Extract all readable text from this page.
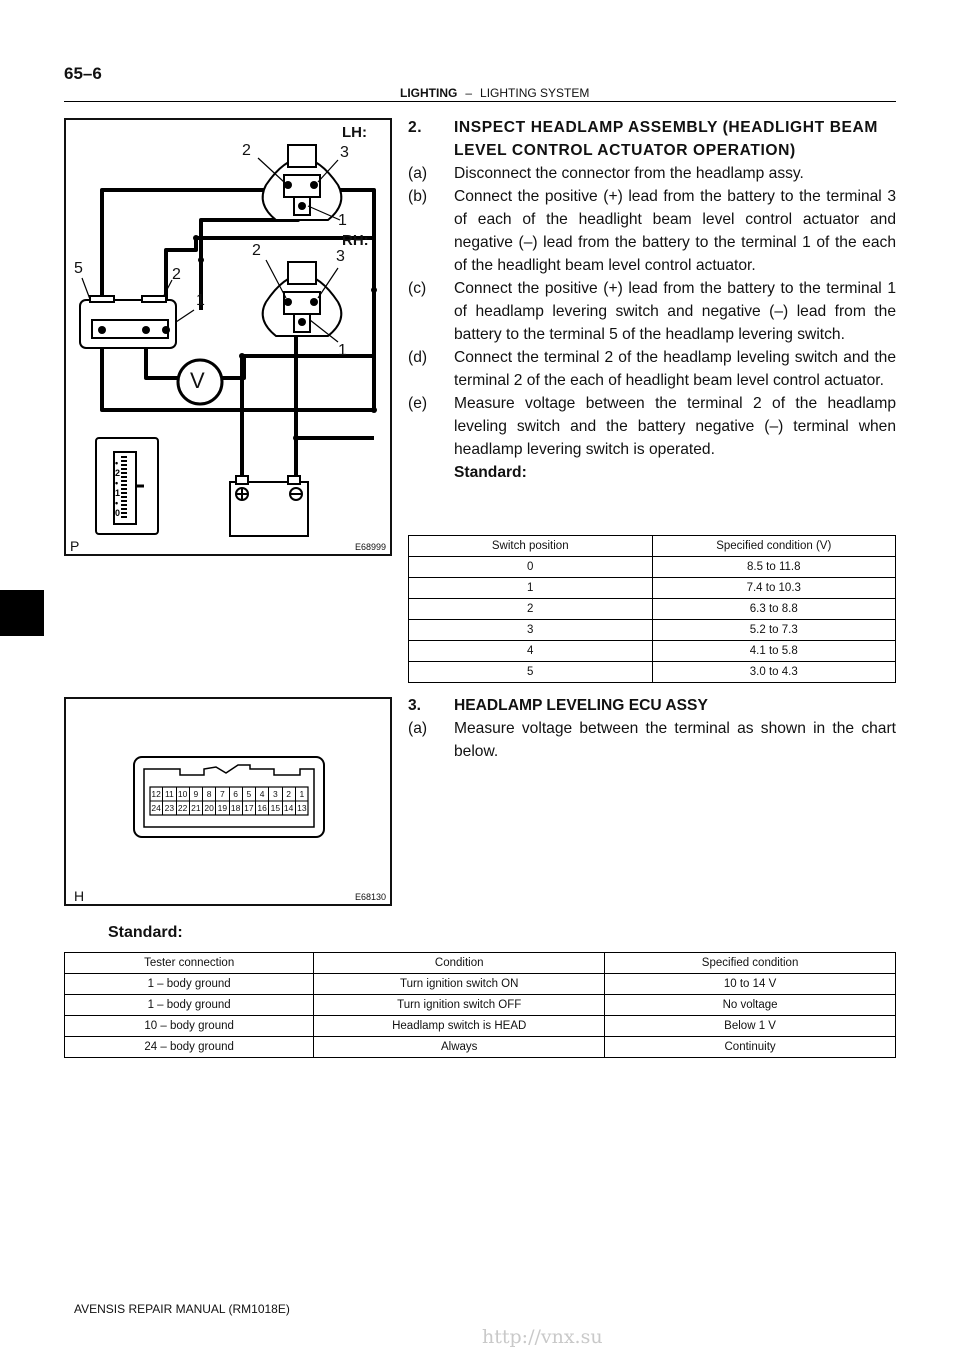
65–6
LIGHTING – LIGHTING SYSTEM
•
2
•
1
•
0
LH:
RH:
2	3
1
2	3
1
5	2
1
V
P	E68999

2. INSPECT HEADLAMP ASSEMBLY (HEADLIGHT BEAM LEVEL CONTROL ACTUATOR OPERATION)

(a) Disconnect the connector from the headlamp assy.

(b) Connect the positive (+) lead from the battery to the terminal 3 of each of the headlight beam level control actuator and negative (–) lead from the battery to the terminal 1 of the each of the headlight beam level control actuator.

(c) Connect the positive (+) lead from the battery to the terminal 1 of headlamp levering switch and negative (–) lead from the battery to the terminal 5 of the headlamp levering switch.

(d) Connect the terminal 2 of the headlamp leveling switch and the terminal 2 of the each of headlight beam level control actuator.

(e) Measure voltage between the terminal 2 of the headlamp leveling switch and the battery negative (–) terminal when headlamp levering switch is operated.

Standard:

Switch position	Specified condition (V)
0	8.5 to 11.8
1	7.4 to 10.3
2	6.3 to 8.8
3	5.2 to 7.3
4	4.1 to 5.8
5	3.0 to 4.3
12 11 10 9	8	7	6	5	4	3	2	1
24 23 22 21 20 19 18 17 16 15 14 13
H	E68130

3. HEADLAMP LEVELING ECU ASSY

(a) Measure voltage between the terminal as shown in the chart below.

Standard:
Tester connection	Condition	Specified condition
1 – body ground	Turn ignition switch ON	10 to 14 V
1 – body ground	Turn ignition switch OFF	No voltage
10 – body ground	Headlamp switch is HEAD	Below 1 V
24 – body ground	Always	Continuity
AVENSIS REPAIR MANUAL (RM1018E)
http://vnx.su
